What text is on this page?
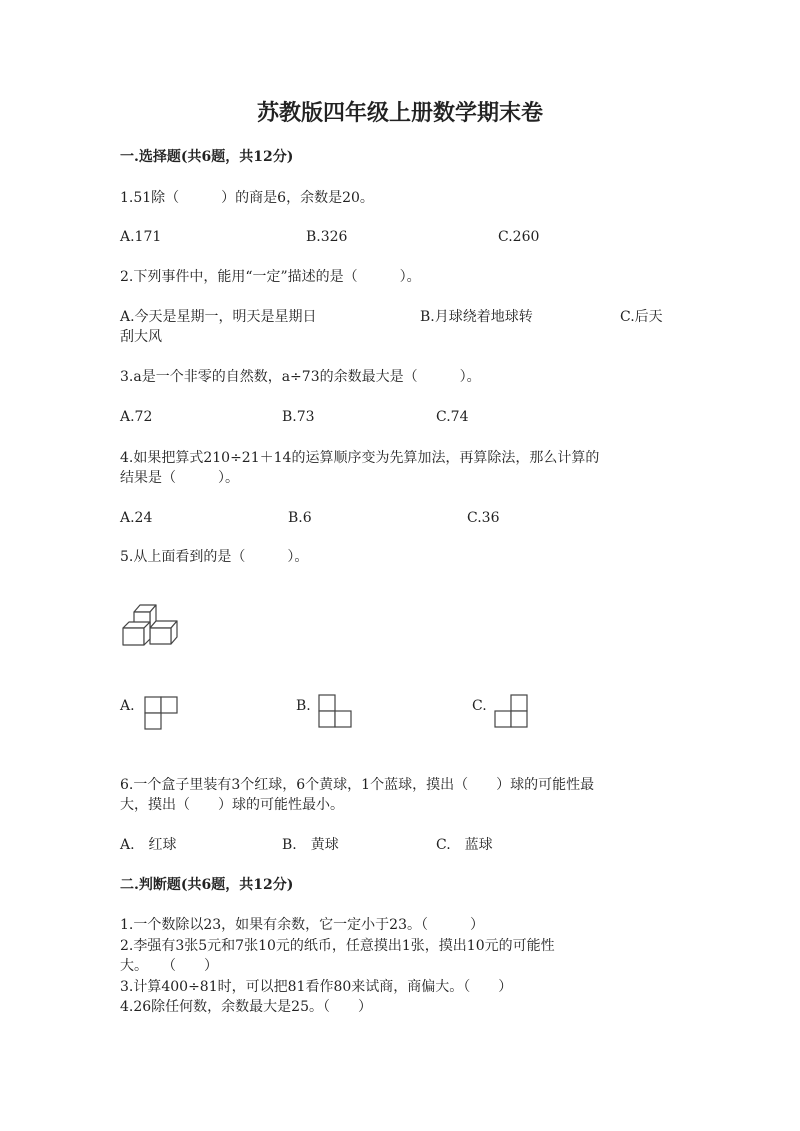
苏教版四年级上册数学期末卷
一.选择题(共6题，共12分)
1.51除（　　　）的商是6，余数是20。
A.171	B.326	C.260
2.下列事件中，能用“一定”描述的是（　　　）。
A.今天是星期一，明天是星期日	B.月球绕着地球转	C.后天
刮大风
3.a是一个非零的自然数，a÷73的余数最大是（　　　）。
A.72	B.73	C.74
4.如果把算式210÷21＋14的运算顺序变为先算加法，再算除法，那么计算的
结果是（　　　）。
A.24	B.6	C.36
5.从上面看到的是（　　　）。
A.	B.	C.
6.一个盒子里装有3个红球，6个黄球，1个蓝球，摸出（　　）球的可能性最
大，摸出（　　）球的可能性最小。
A.　红球	B.　黄球	C.　蓝球
二.判断题(共6题，共12分)
1.一个数除以23，如果有余数，它一定小于23。（　　　）
2.李强有3张5元和7张10元的纸币，任意摸出1张，摸出10元的可能性
大。　　（　　）
3.计算400÷81时，可以把81看作80来试商，商偏大。（　　）
4.26除任何数，余数最大是25。（　　）
